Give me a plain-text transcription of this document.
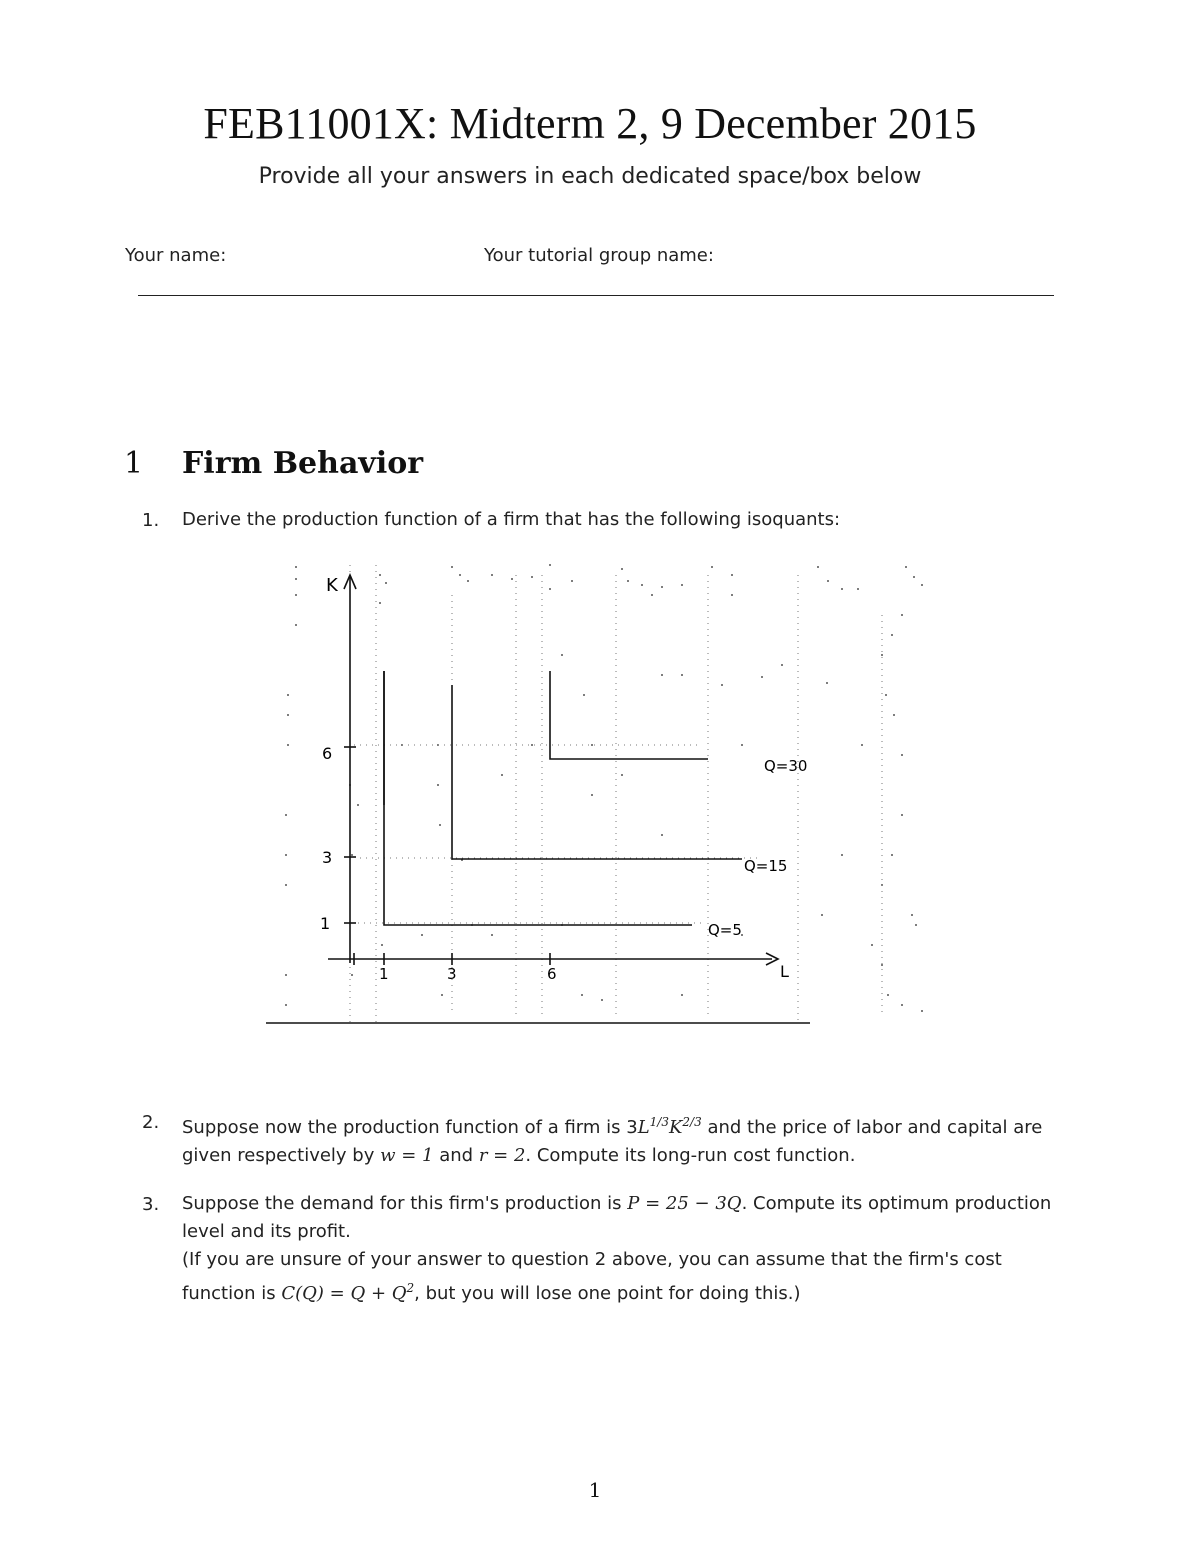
FEB11001X: Midterm 2, 9 December 2015
Provide all your answers in each dedicated space/box below
Your name:	Your tutorial group name:
1 Firm Behavior
1. Derive the production function of a firm that has the following isoquants:
K
L
6
3
1
1	3	6
Q=5
Q=15
Q=30
2. Suppose now the production function of a firm is $3L^{1/3}K^{2/3}$ and the price of labor and capital are given respectively by w = 1 and r = 2. Compute its long-run cost function.
3. Suppose the demand for this firm's production is P = 25 − 3Q. Compute its optimum production level and its profit.
(If you are unsure of your answer to question 2 above, you can assume that the firm's cost function is $C(Q) = Q + Q^2$, but you will lose one point for doing this.)
1
